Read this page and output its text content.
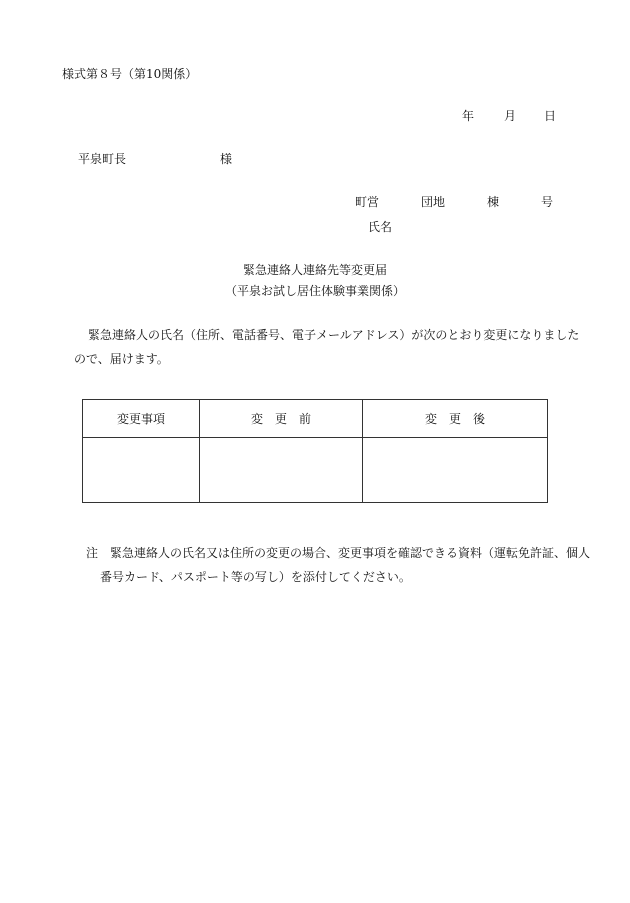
様式第８号（第10関係）
年 月 日
平泉町長	様
町営	団地	棟	号
氏名
緊急連絡人連絡先等変更届
（平泉お試し居住体験事業関係）
緊急連絡人の氏名（住所、電話番号、電子メールアドレス）が次のとおり変更になりましたので、届けます。
変更事項	変　更　前	変　更　後

注　緊急連絡人の氏名又は住所の変更の場合、変更事項を確認できる資料（運転免許証、個人番号カード、パスポート等の写し）を添付してください。
